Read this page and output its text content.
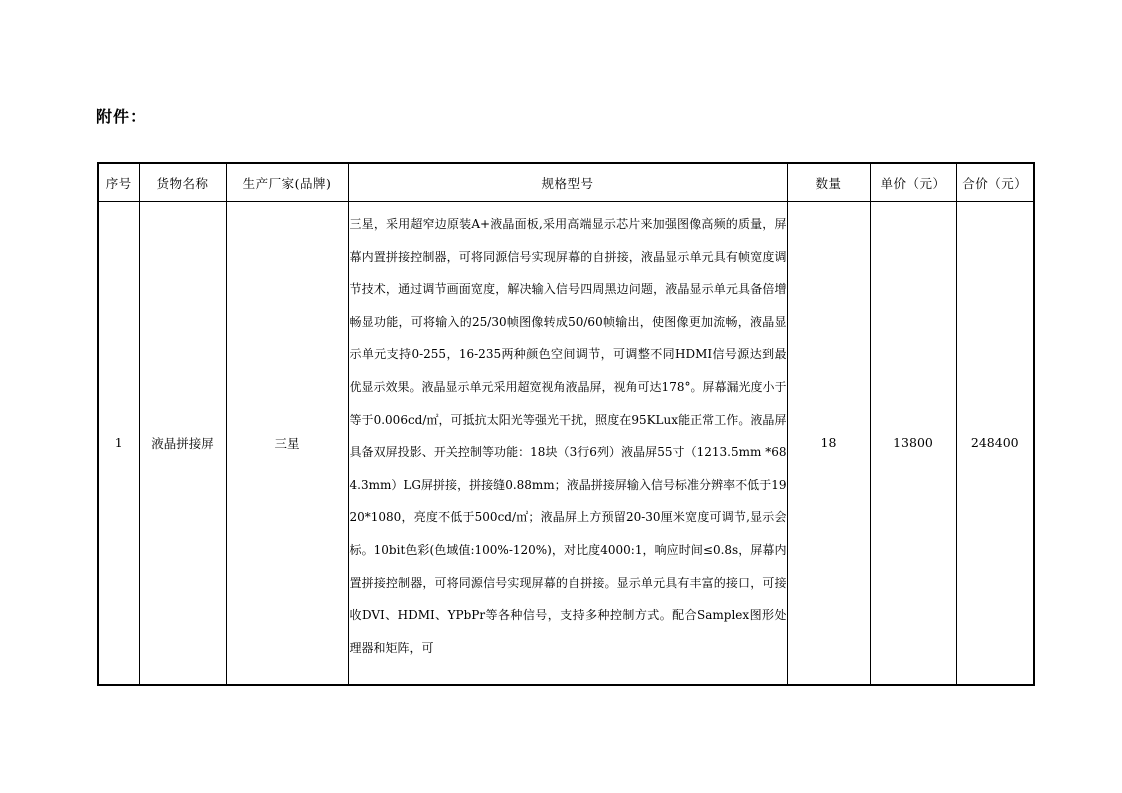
附件：
序号	货物名称	生产厂家(品牌)	规格型号	数量	单价（元）	合价（元）
1	液晶拼接屏	三星	三星，采用超窄边原装A+液晶面板,采用高端显示芯片来加强图像高频的质量，屏幕内置拼接控制器，可将同源信号实现屏幕的自拼接，液晶显示单元具有帧宽度调节技术，通过调节画面宽度，解决输入信号四周黑边问题，液晶显示单元具备倍增畅显功能，可将输入的25/30帧图像转成50/60帧输出，使图像更加流畅，液晶显示单元支持0-255，16-235两种颜色空间调节，可调整不同HDMI信号源达到最优显示效果。液晶显示单元采用超宽视角液晶屏，视角可达178°。屏幕漏光度小于等于0.006cd/㎡，可抵抗太阳光等强光干扰，照度在95KLux能正常工作。液晶屏具备双屏投影、开关控制等功能：18块（3行6列）液晶屏55寸（1213.5mm *684.3mm）LG屏拼接，拼接缝0.88mm；液晶拼接屏输入信号标准分辨率不低于1920*1080，亮度不低于500cd/㎡；液晶屏上方预留20-30厘米宽度可调节,显示会标。10bit色彩(色域值:100%-120%)，对比度4000:1，响应时间≤0.8s，屏幕内置拼接控制器，可将同源信号实现屏幕的自拼接。显示单元具有丰富的接口，可接收DVI、HDMI、YPbPr等各种信号，支持多种控制方式。配合Samplex图形处理器和矩阵，可	18	13800	248400
